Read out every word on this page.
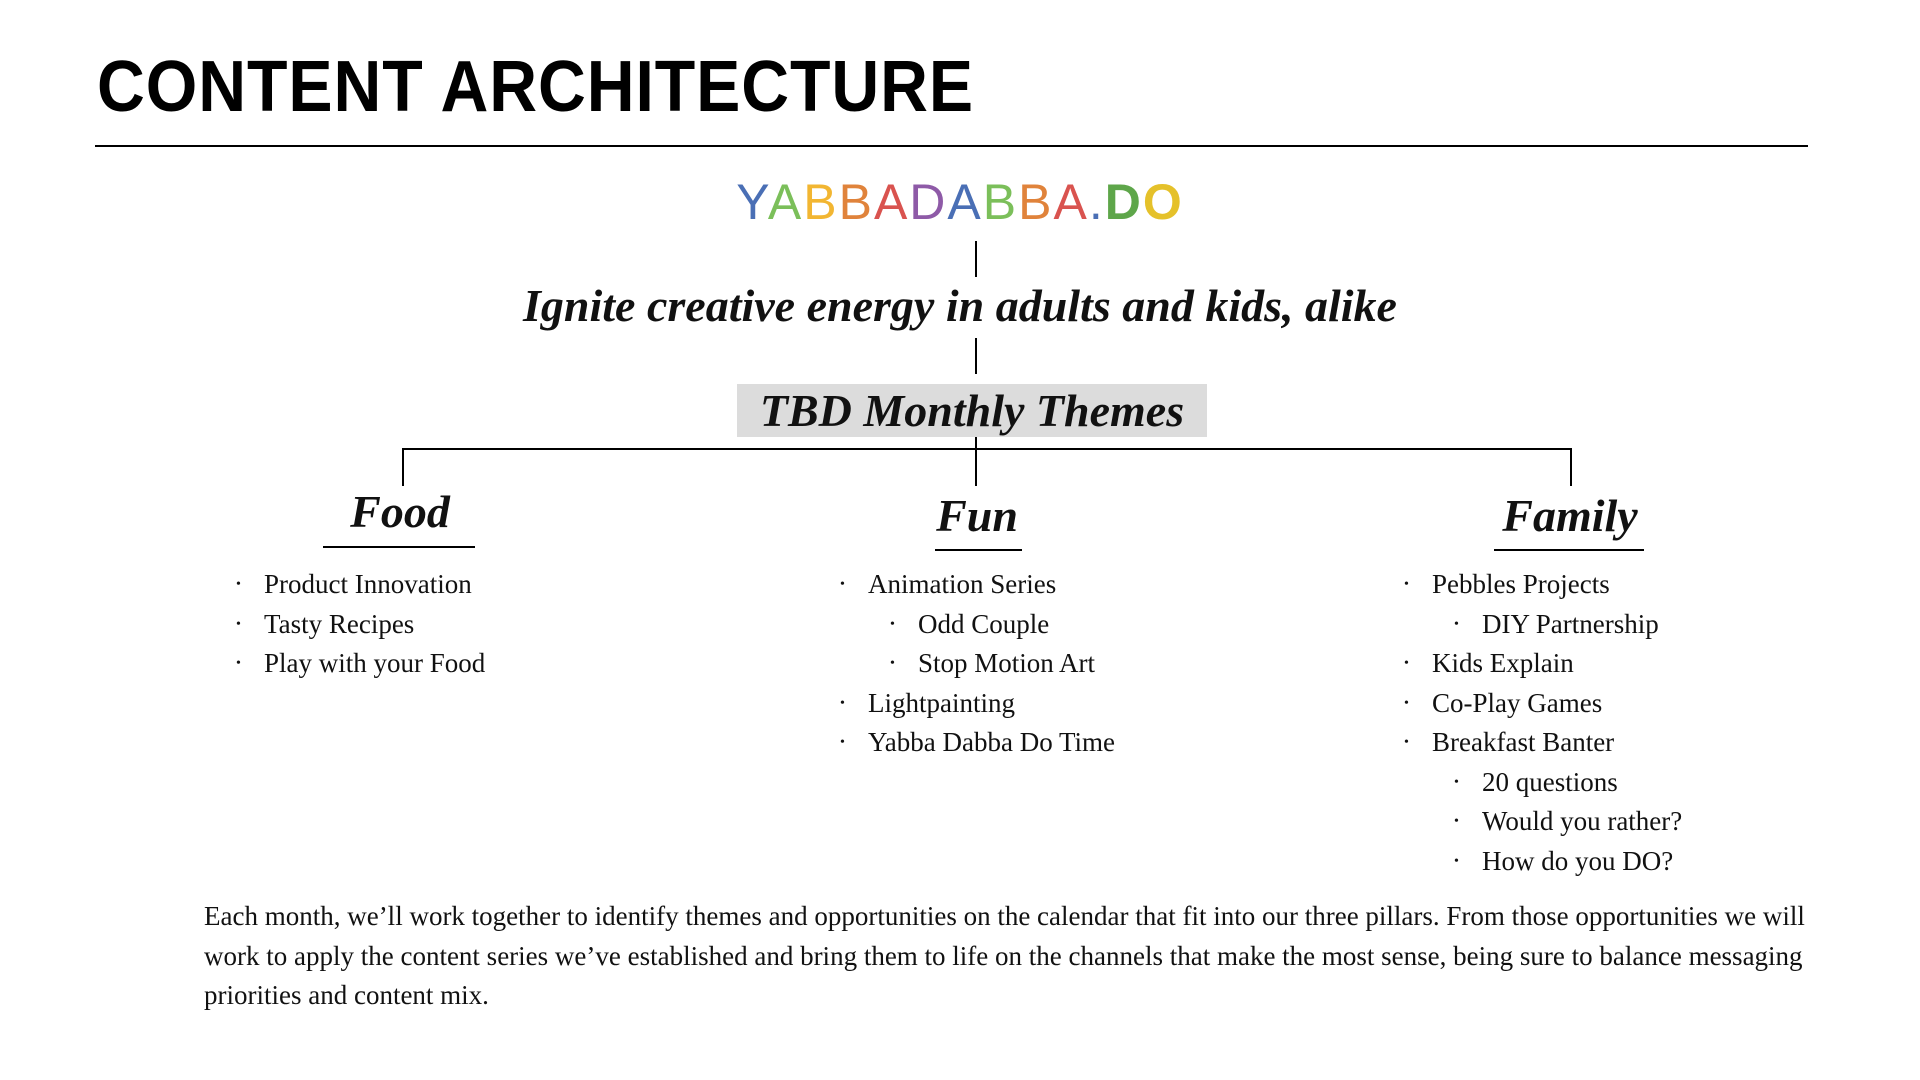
CONTENT ARCHITECTURE
YABBADABBA.DO

Ignite creative energy in adults and kids, alike

TBD Monthly Themes
Food
• Product Innovation
• Tasty Recipes
• Play with your Food
Fun
• Animation Series
• Odd Couple
• Stop Motion Art
• Lightpainting
• Yabba Dabba Do Time
Family
• Pebbles Projects
• DIY Partnership
• Kids Explain
• Co-Play Games
• Breakfast Banter
• 20 questions
• Would you rather?
• How do you DO?

Each month, we’ll work together to identify themes and opportunities on the calendar that fit into our three pillars. From those opportunities we will work to apply the content series we’ve established and bring them to life on the channels that make the most sense, being sure to balance messaging priorities and content mix.
